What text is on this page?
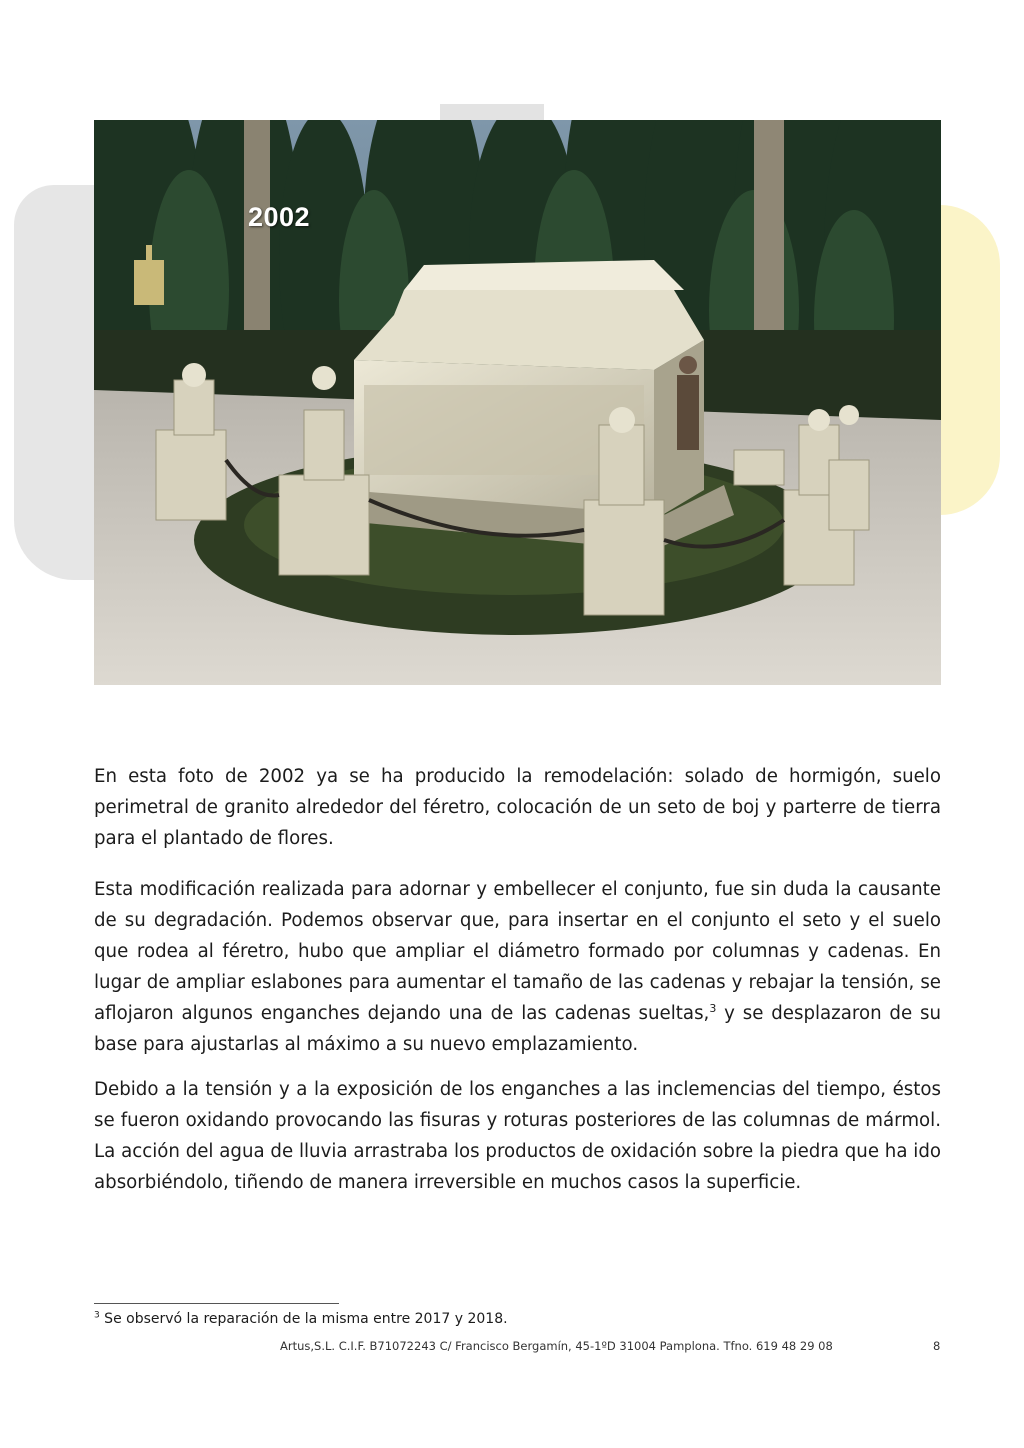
2002

En esta foto de 2002 ya se ha producido la remodelación: solado de hormigón, suelo perimetral de granito alrededor del féretro, colocación de un seto de boj y parterre de tierra para el plantado de flores.

Esta modificación realizada para adornar y embellecer el conjunto, fue sin duda la causante de su degradación. Podemos observar que, para insertar en el conjunto el seto y el suelo que rodea al féretro, hubo que ampliar el diámetro formado por columnas y cadenas. En lugar de ampliar eslabones para aumentar el tamaño de las cadenas y rebajar la tensión, se aflojaron algunos enganches dejando una de las cadenas sueltas,$^3$ y se desplazaron de su base para ajustarlas al máximo a su nuevo emplazamiento.

Debido a la tensión y a la exposición de los enganches a las inclemencias del tiempo, éstos se fueron oxidando provocando las fisuras y roturas posteriores de las columnas de mármol. La acción del agua de lluvia arrastraba los productos de oxidación sobre la piedra que ha ido absorbiéndolo, tiñendo de manera irreversible en muchos casos la superficie.

$^3$ Se observó la reparación de la misma entre 2017 y 2018.

Artus,S.L. C.I.F. B71072243 C/ Francisco Bergamín, 45-1ºD 31004 Pamplona. Tfno. 619 48 29 08	8
